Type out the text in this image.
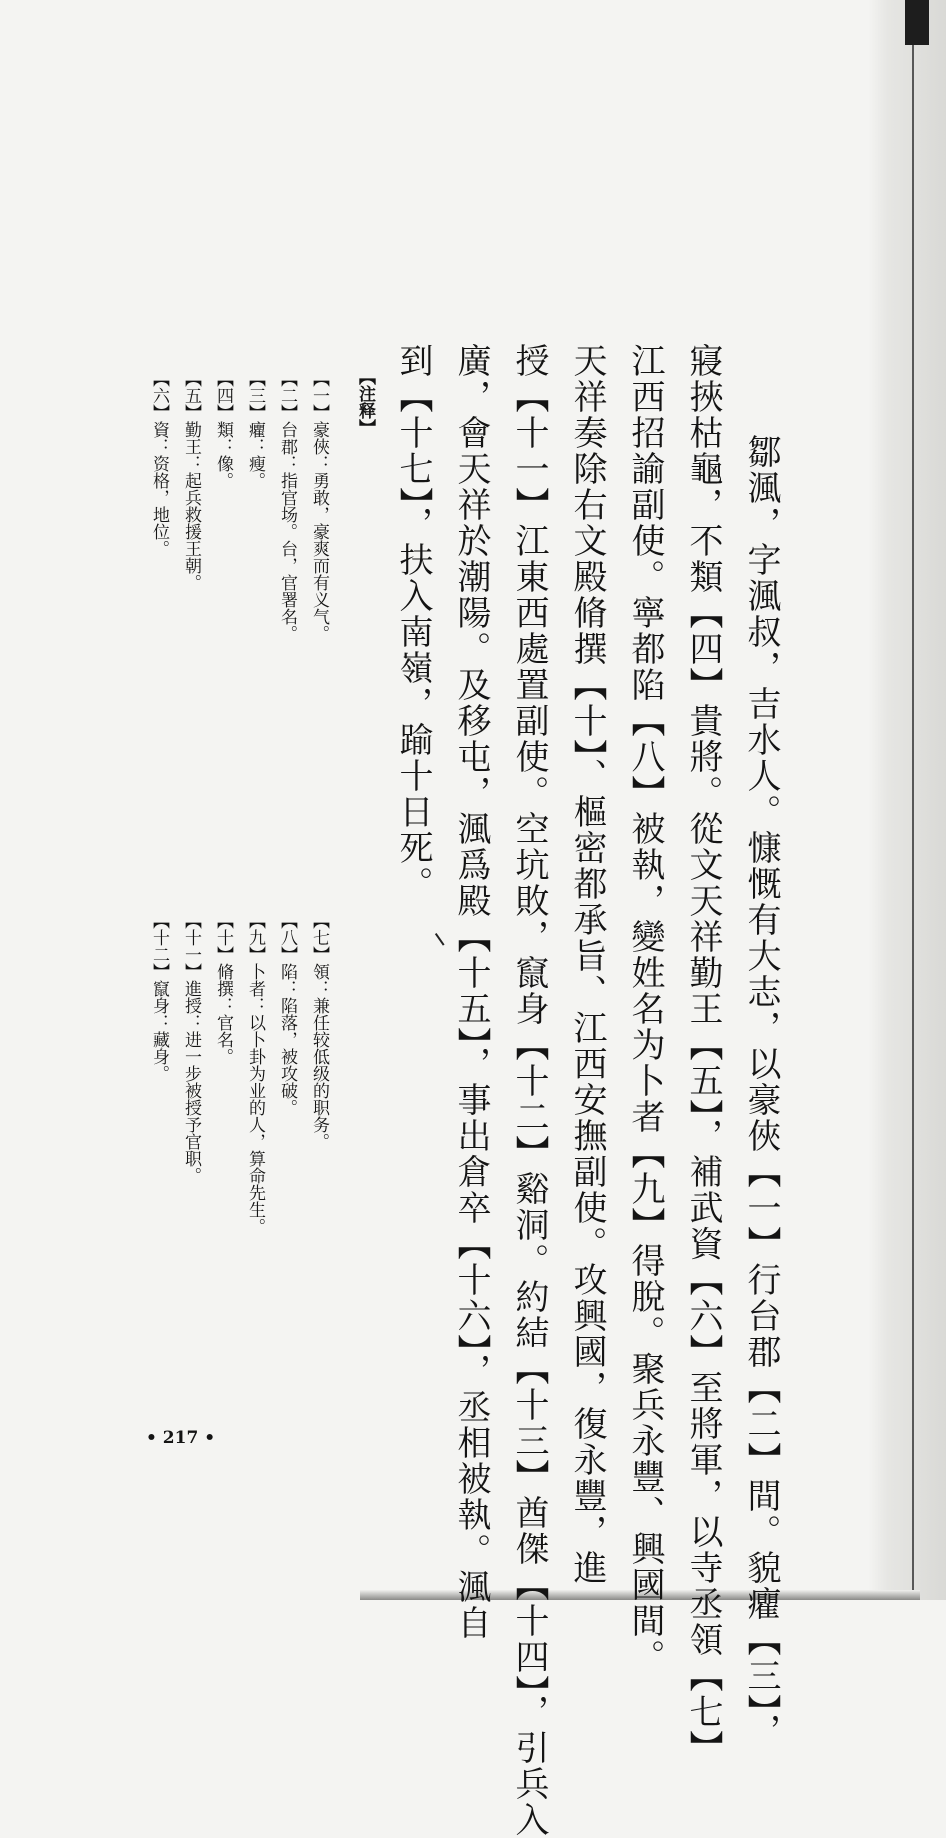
　鄒渢，字渢叔，吉水人。慷慨有大志，以豪俠【一】行台郡【二】間。貌癯【三】，
寢挾枯龜，不類【四】貴將。從文天祥勤王【五】，補武資【六】至將軍，以寺丞領【七】
江西招諭副使。寧都陷【八】被執，變姓名为卜者【九】得脫。聚兵永豐、興國間。
天祥奏除右文殿脩撰【十】、樞密都承旨、江西安撫副使。攻興國，復永豐，進
授【十一】江東西處置副使。空坑敗，竄身【十二】谿洞。約結【十三】酋傑【十四】，引兵入
廣，會天祥於潮陽。及移屯，渢爲殿【十五】，事出倉卒【十六】，丞相被執。渢自
到【十七】，扶入南嶺，踰十日死。
【注释】
【一】豪俠：勇敢，豪爽而有义气。
【二】台郡：指官场。台，官署名。
【三】癯：瘦。
【四】類：像。
【五】勤王：起兵救援王朝。
【六】資：资格，地位。
【七】領：兼任较低级的职务。
【八】陷：陷落，被攻破。
【九】卜者：以卜卦为业的人，算命先生。
【十】脩撰：官名。
【十一】進授：进一步被授予官职。
【十二】竄身：藏身。
• 217 •
